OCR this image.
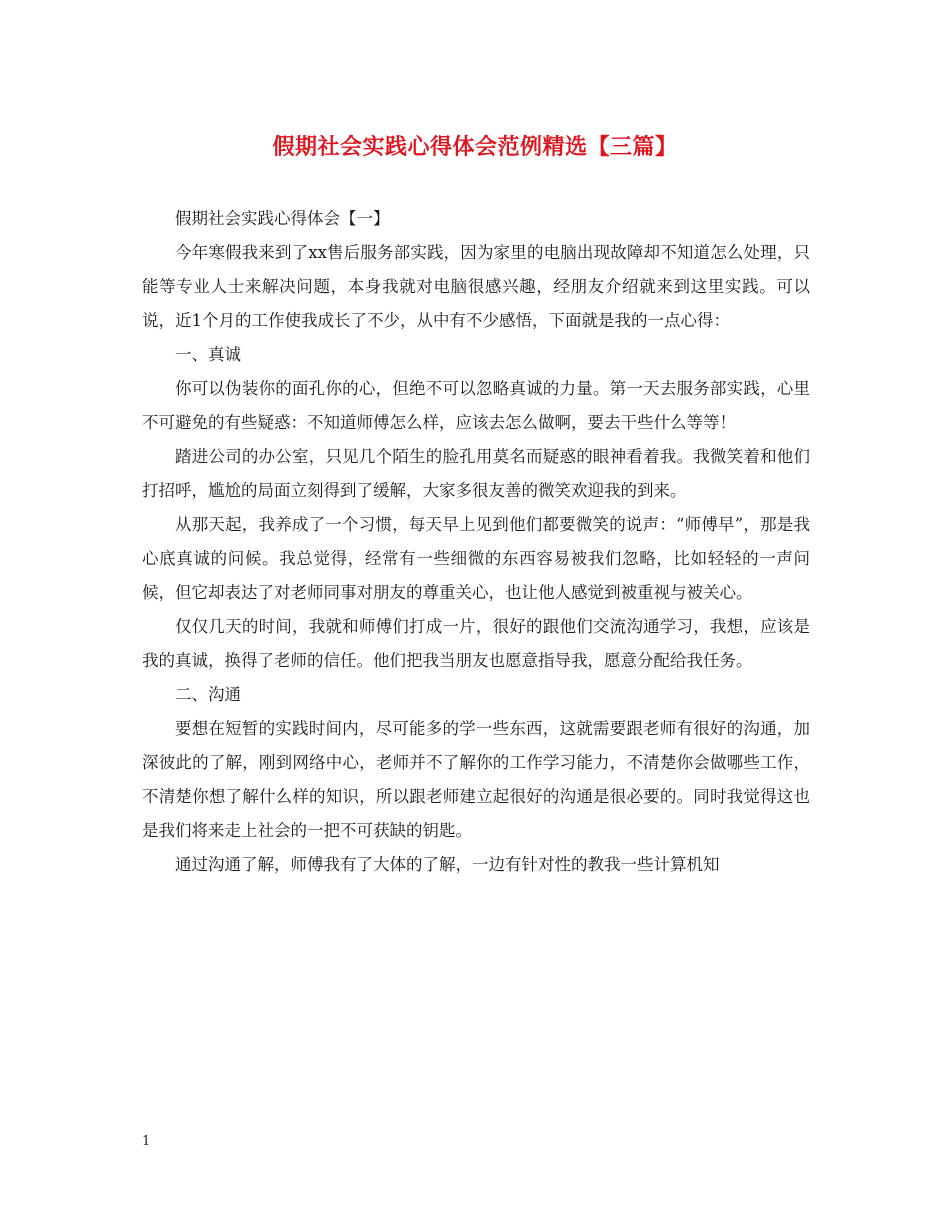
假期社会实践心得体会范例精选【三篇】

假期社会实践心得体会【一】

今年寒假我来到了xx售后服务部实践，因为家里的电脑出现故障却不知道怎么处理，只能等专业人士来解决问题，本身我就对电脑很感兴趣，经朋友介绍就来到这里实践。可以说，近1个月的工作使我成长了不少，从中有不少感悟，下面就是我的一点心得：

一、真诚

你可以伪装你的面孔你的心，但绝不可以忽略真诚的力量。第一天去服务部实践，心里不可避免的有些疑惑：不知道师傅怎么样，应该去怎么做啊，要去干些什么等等！

踏进公司的办公室，只见几个陌生的脸孔用莫名而疑惑的眼神看着我。我微笑着和他们打招呼，尴尬的局面立刻得到了缓解，大家多很友善的微笑欢迎我的到来。

从那天起，我养成了一个习惯，每天早上见到他们都要微笑的说声：“师傅早”，那是我心底真诚的问候。我总觉得，经常有一些细微的东西容易被我们忽略，比如轻轻的一声问候，但它却表达了对老师同事对朋友的尊重关心，也让他人感觉到被重视与被关心。

仅仅几天的时间，我就和师傅们打成一片，很好的跟他们交流沟通学习，我想，应该是我的真诚，换得了老师的信任。他们把我当朋友也愿意指导我，愿意分配给我任务。

二、沟通

要想在短暂的实践时间内，尽可能多的学一些东西，这就需要跟老师有很好的沟通，加深彼此的了解，刚到网络中心，老师并不了解你的工作学习能力，不清楚你会做哪些工作，不清楚你想了解什么样的知识，所以跟老师建立起很好的沟通是很必要的。同时我觉得这也是我们将来走上社会的一把不可获缺的钥匙。

通过沟通了解，师傅我有了大体的了解，一边有针对性的教我一些计算机知

1
